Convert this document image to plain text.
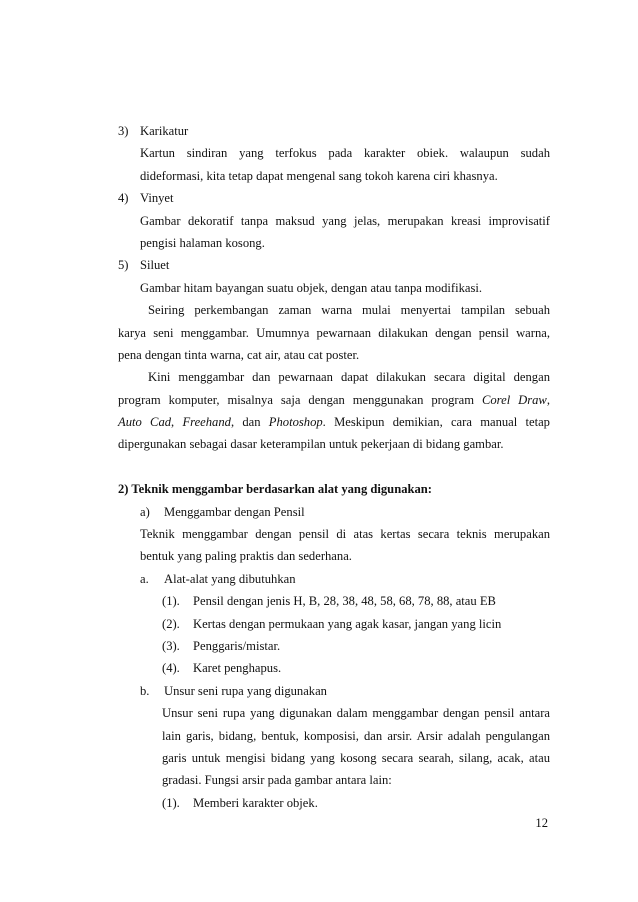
3) Karikatur
Kartun sindiran yang terfokus pada karakter obiek. walaupun sudah
dideformasi, kita tetap dapat mengenal sang tokoh karena ciri khasnya.
4) Vinyet
Gambar dekoratif tanpa maksud yang jelas, merupakan kreasi improvisatif
pengisi halaman kosong.
5) Siluet
Gambar hitam bayangan suatu objek, dengan atau tanpa modifikasi.
Seiring perkembangan zaman warna mulai menyertai tampilan sebuah
karya seni menggambar. Umumnya pewarnaan dilakukan dengan pensil warna,
pena dengan tinta warna, cat air, atau cat poster.
Kini menggambar dan pewarnaan dapat dilakukan secara digital dengan
program komputer, misalnya saja dengan menggunakan program Corel Draw,
Auto Cad, Freehand, dan Photoshop. Meskipun demikian, cara manual tetap
dipergunakan sebagai dasar keterampilan untuk pekerjaan di bidang gambar.
2) Teknik menggambar berdasarkan alat yang digunakan:
a) Menggambar dengan Pensil
Teknik menggambar dengan pensil di atas kertas secara teknis merupakan
bentuk yang paling praktis dan sederhana.
a. Alat-alat yang dibutuhkan
(1). Pensil dengan jenis H, B, 28, 38, 48, 58, 68, 78, 88, atau EB
(2). Kertas dengan permukaan yang agak kasar, jangan yang licin
(3). Penggaris/mistar.
(4). Karet penghapus.
b. Unsur seni rupa yang digunakan
Unsur seni rupa yang digunakan dalam menggambar dengan pensil antara
lain garis, bidang, bentuk, komposisi, dan arsir. Arsir adalah pengulangan
garis untuk mengisi bidang yang kosong secara searah, silang, acak, atau
gradasi. Fungsi arsir pada gambar antara lain:
(1). Memberi karakter objek.
12
